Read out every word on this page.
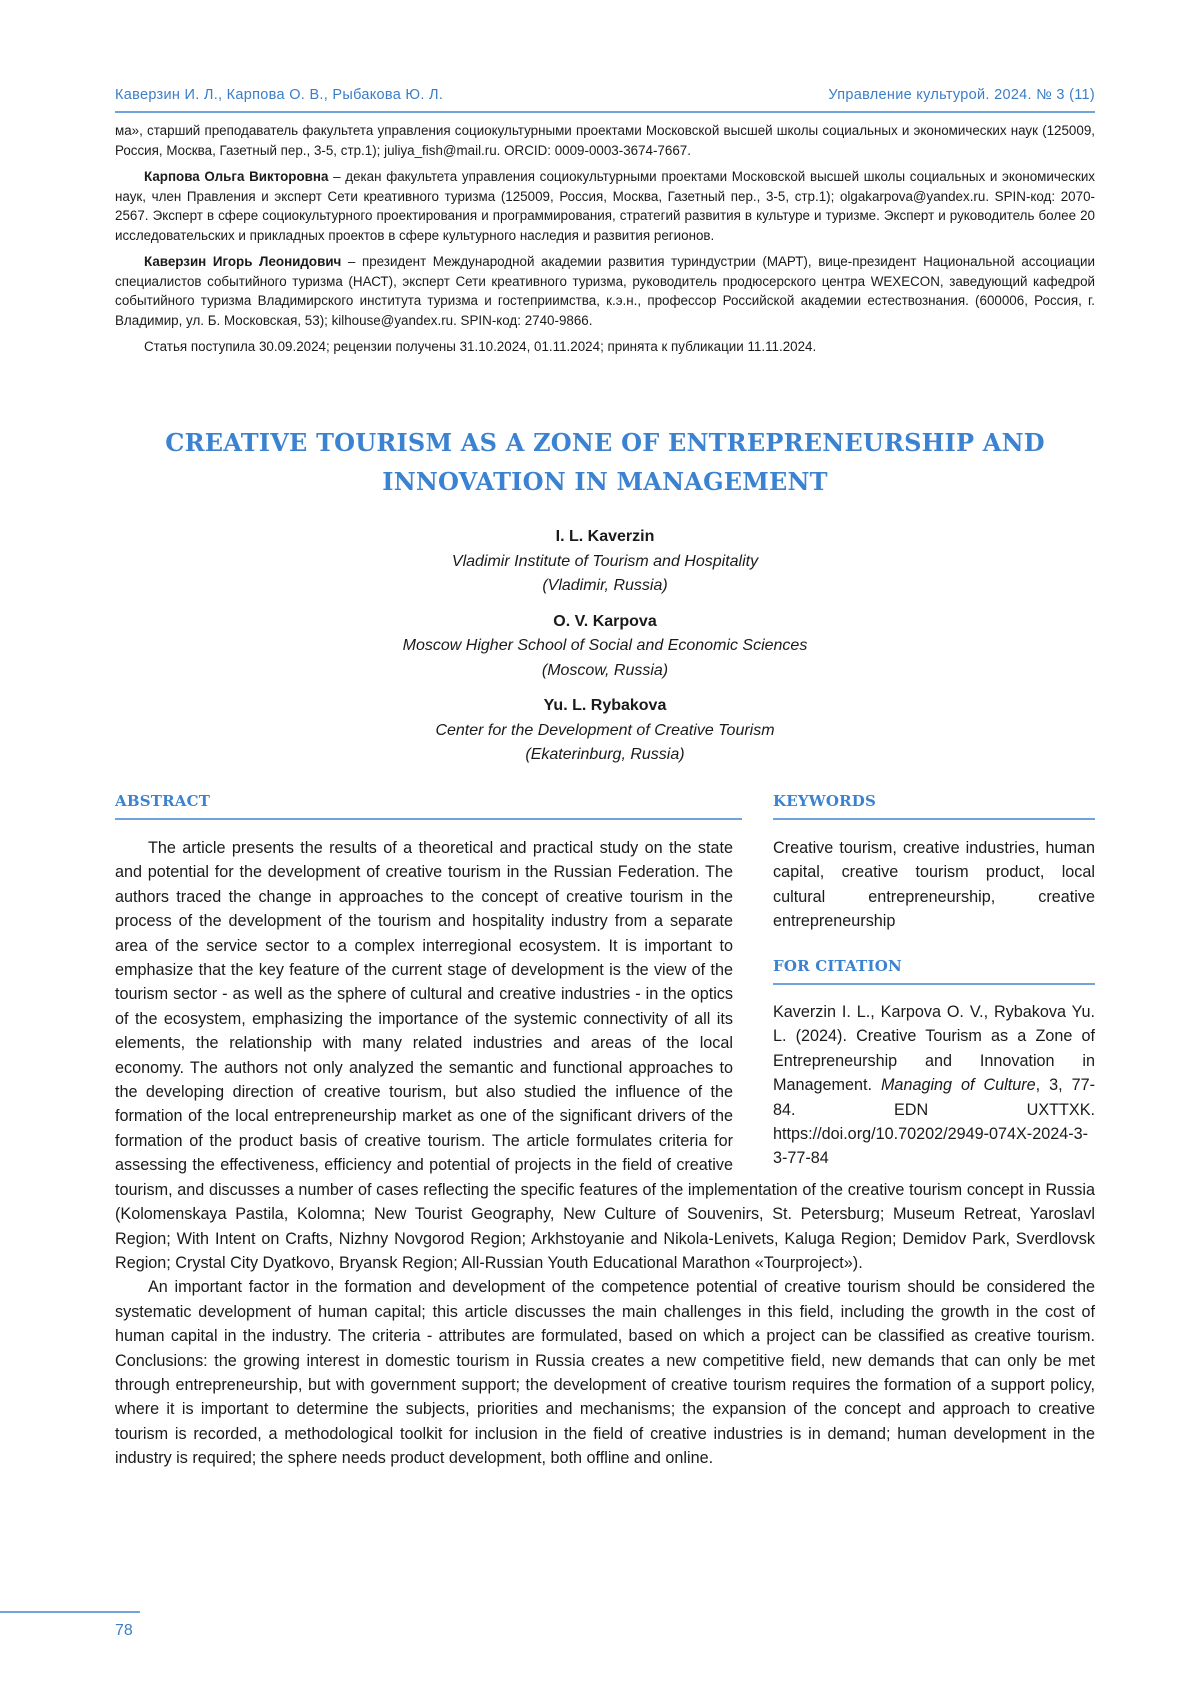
Каверзин И. Л., Карпова О. В., Рыбакова Ю. Л.	Управление культурой. 2024. № 3 (11)

ма», старший преподаватель факультета управления социокультурными проектами Московской высшей школы социальных и экономических наук (125009, Россия, Москва, Газетный пер., 3-5, стр.1); juliya_fish@mail.ru. ORCID: 0009-0003-3674-7667.

Карпова Ольга Викторовна – декан факультета управления социокультурными проектами Московской высшей школы социальных и экономических наук, член Правления и эксперт Сети креативного туризма (125009, Россия, Москва, Газетный пер., 3-5, стр.1); olgakarpova@yandex.ru. SPIN-код: 2070-2567. Эксперт в сфере социокультурного проектирования и программирования, стратегий развития в культуре и туризме. Эксперт и руководитель более 20 исследовательских и прикладных проектов в сфере культурного наследия и развития регионов.

Каверзин Игорь Леонидович – президент Международной академии развития туриндустрии (МАРТ), вице-президент Национальной ассоциации специалистов событийного туризма (НАСТ), эксперт Сети креативного туризма, руководитель продюсерского центра WEXECON, заведующий кафедрой событийного туризма Владимирского института туризма и гостеприимства, к.э.н., профессор Российской академии естествознания. (600006, Россия, г. Владимир, ул. Б. Московская, 53); kilhouse@yandex.ru. SPIN-код: 2740-9866.

Статья поступила 30.09.2024; рецензии получены 31.10.2024, 01.11.2024; принята к публикации 11.11.2024.

CREATIVE TOURISM AS A ZONE OF ENTREPRENEURSHIP AND
INNOVATION IN MANAGEMENT
I. L. Kaverzin
Vladimir Institute of Tourism and Hospitality
(Vladimir, Russia)
O. V. Karpova
Moscow Higher School of Social and Economic Sciences
(Moscow, Russia)
Yu. L. Rybakova
Center for the Development of Creative Tourism
(Ekaterinburg, Russia)
ABSTRACT	KEYWORDS

The article presents the results of a theoretical and practical study on the state and potential for the development of creative tourism in the Russian Federation. The authors traced the change in approaches to the concept of creative tourism in the process of the development of the tourism and hospitality industry from a separate area of the service sector to a complex interregional ecosystem. It is important to emphasize that the key feature of the current stage of development is the view of the tourism sector - as well as the sphere of cultural and creative industries - in the optics of the ecosystem, emphasizing the importance of the systemic connectivity of all its elements, the relationship with many related industries and areas of the local economy. The authors not only analyzed the semantic and functional approaches to the developing direction of creative tourism, but also studied the influence of the formation of the local entrepreneurship market as one of the significant drivers of the formation of the product basis of creative tourism. The article formulates criteria for assessing the effectiveness, efficiency and potential of projects in the field of creative tourism, and discusses a number of cases reflecting the specific features of the implementation of the creative tourism concept in Russia (Kolomenskaya Pastila, Kolomna; New Tourist Geography, New Culture of Souvenirs, St. Petersburg; Museum Retreat, Yaroslavl Region; With Intent on Crafts, Nizhny Novgorod Region; Arkhstoyanie and Nikola-Lenivets, Kaluga Region; Demidov Park, Sverdlovsk Region; Crystal City Dyatkovo, Bryansk Region; All-Russian Youth Educational Marathon «Tourproject»).

An important factor in the formation and development of the competence potential of creative tourism should be considered the systematic development of human capital; this article discusses the main challenges in this field, including the growth in the cost of human capital in the industry. The criteria - attributes are formulated, based on which a project can be classified as creative tourism. Conclusions: the growing interest in domestic tourism in Russia creates a new competitive field, new demands that can only be met through entrepreneurship, but with government support; the development of creative tourism requires the formation of a support policy, where it is important to determine the subjects, priorities and mechanisms; the expansion of the concept and approach to creative tourism is recorded, a methodological toolkit for inclusion in the field of creative industries is in demand; human development in the industry is required; the sphere needs product development, both offline and online.

Creative tourism, creative industries, human capital, creative tourism product, local cultural entrepreneurship, creative entrepreneurship
FOR CITATION
Kaverzin I. L., Karpova O. V., Rybakova Yu. L. (2024). Creative Tourism as a Zone of Entrepreneurship and Innovation in Management. Managing of Culture, 3, 77-84. EDN UXTTXK. https://doi.org/10.70202/2949-074X-2024-3-3-77-84
78
